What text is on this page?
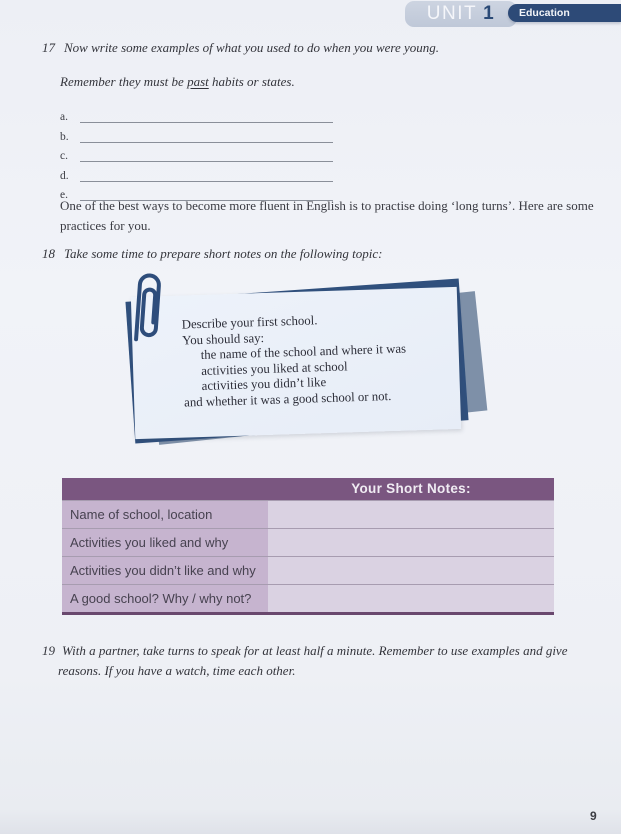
UNIT 1	Education
17 Now write some examples of what you used to do when you were young.
Remember they must be past habits or states.
a.
b.
c.
d.
e.
One of the best ways to become more fluent in English is to practise doing ‘long turns’. Here are some
practices for you.
18 Take some time to prepare short notes on the following topic:
Describe your first school.
You should say:
the name of the school and where it was
activities you liked at school
activities you didn’t like
and whether it was a good school or not.
Your Short Notes:
Name of school, location
Activities you liked and why
Activities you didn’t like and why
A good school? Why / why not?
19 With a partner, take turns to speak for at least half a minute. Remember to use examples and give
reasons. If you have a watch, time each other.
9
